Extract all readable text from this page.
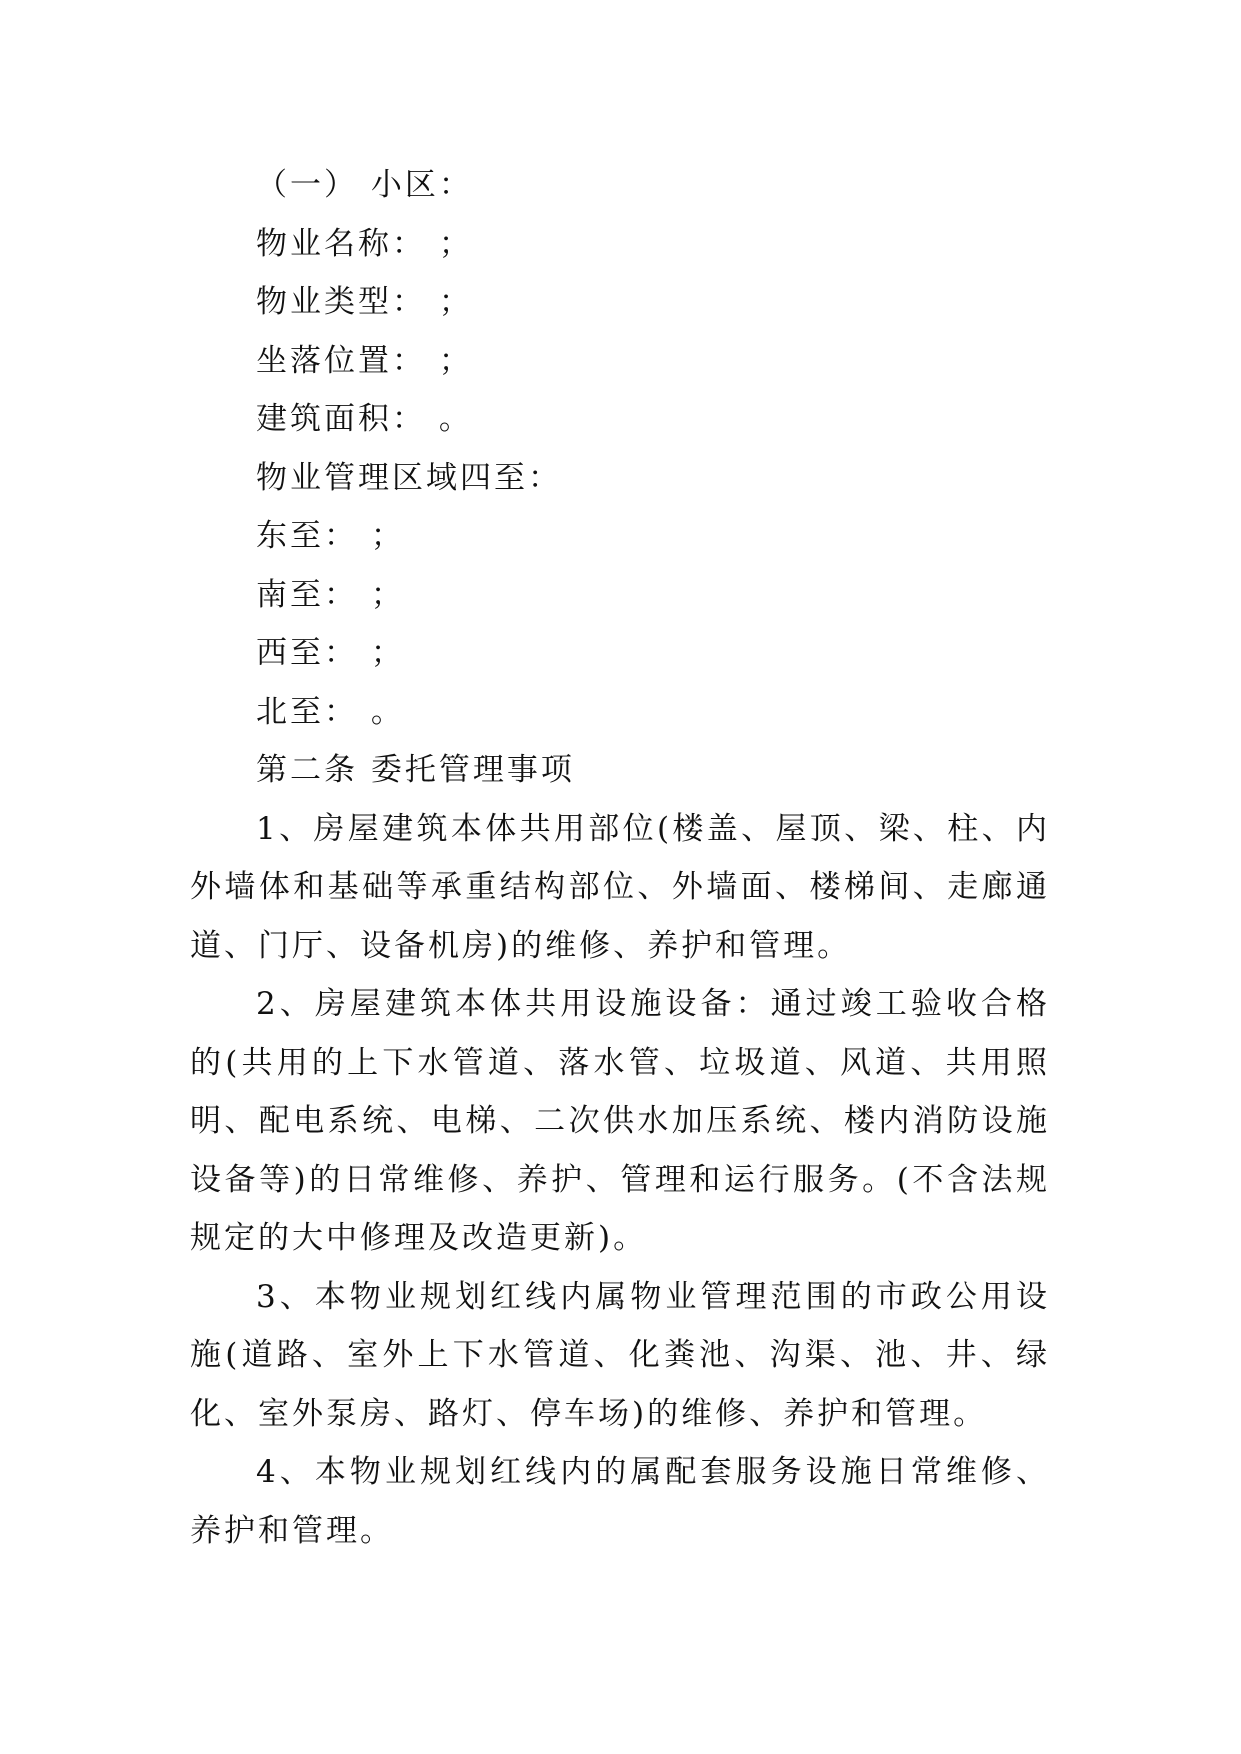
（一） 小区：
物业名称： ；
物业类型： ；
坐落位置： ；
建筑面积： 。
物业管理区域四至：
东至： ；
南至： ；
西至： ；
北至： 。
第二条 委托管理事项

1、房屋建筑本体共用部位(楼盖、屋顶、梁、柱、内外墙体和基础等承重结构部位、外墙面、楼梯间、走廊通道、门厅、设备机房)的维修、养护和管理。

2、房屋建筑本体共用设施设备：通过竣工验收合格的(共用的上下水管道、落水管、垃圾道、风道、共用照明、配电系统、电梯、二次供水加压系统、楼内消防设施设备等)的日常维修、养护、管理和运行服务。(不含法规规定的大中修理及改造更新)。

3、本物业规划红线内属物业管理范围的市政公用设施(道路、室外上下水管道、化粪池、沟渠、池、井、绿化、室外泵房、路灯、停车场)的维修、养护和管理。

4、本物业规划红线内的属配套服务设施日常维修、养护和管理。
